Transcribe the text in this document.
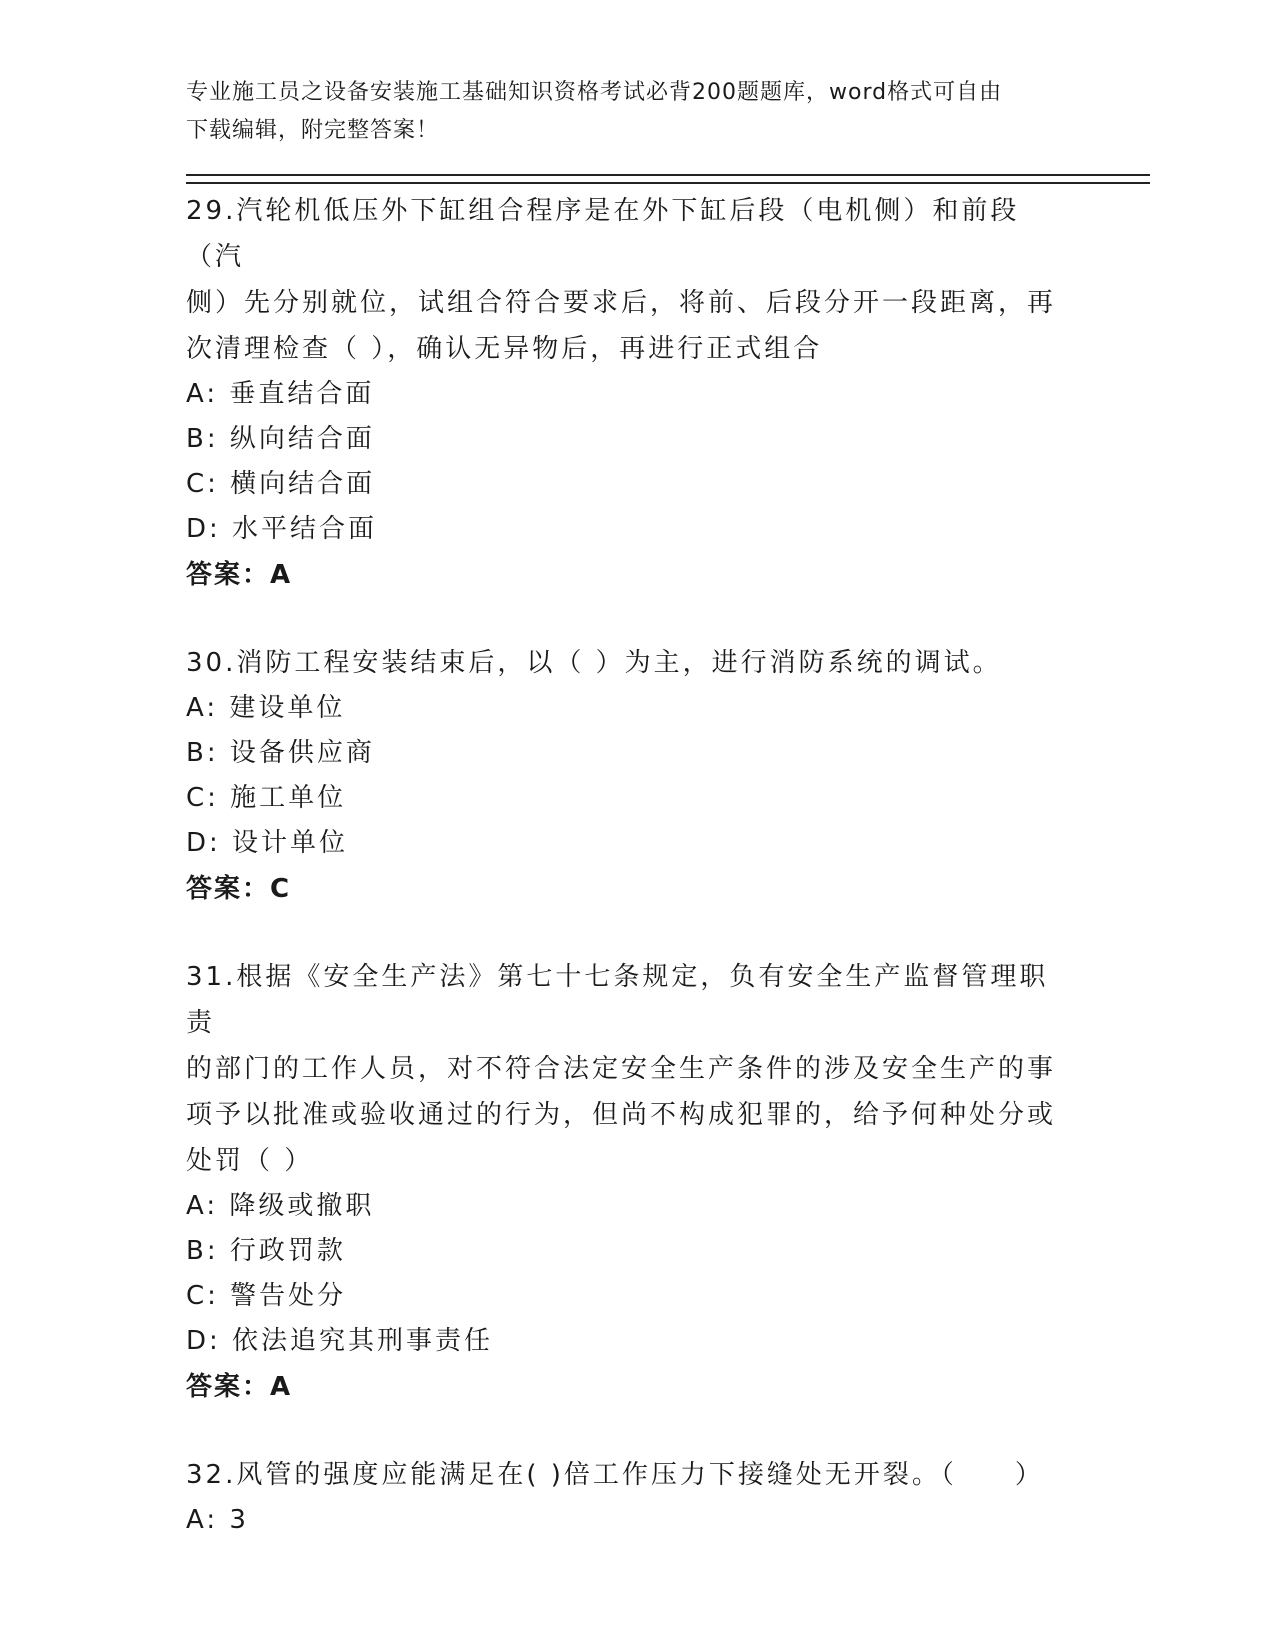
专业施工员之设备安装施工基础知识资格考试必背200题题库，word格式可自由
下载编辑，附完整答案！
29.汽轮机低压外下缸组合程序是在外下缸后段（电机侧）和前段（汽
侧）先分别就位，试组合符合要求后，将前、后段分开一段距离，再
次清理检查（ ），确认无异物后，再进行正式组合
A: 垂直结合面
B: 纵向结合面
C: 横向结合面
D: 水平结合面
答案：A
30.消防工程安装结束后，以（ ）为主，进行消防系统的调试。
A: 建设单位
B: 设备供应商
C: 施工单位
D: 设计单位
答案：C
31.根据《安全生产法》第七十七条规定，负有安全生产监督管理职责
的部门的工作人员，对不符合法定安全生产条件的涉及安全生产的事
项予以批准或验收通过的行为，但尚不构成犯罪的，给予何种处分或
处罚（ ）
A: 降级或撤职
B: 行政罚款
C: 警告处分
D: 依法追究其刑事责任
答案：A
32.风管的强度应能满足在( )倍工作压力下接缝处无开裂。（　　）
A: 3
